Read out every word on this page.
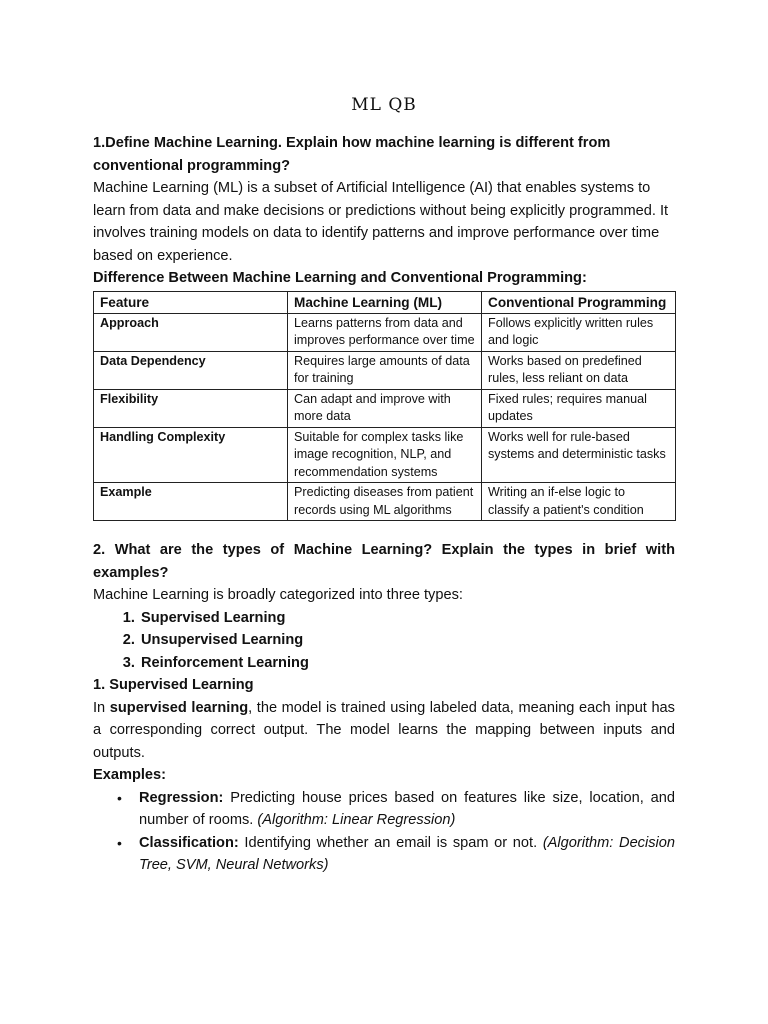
ML QB

1.Define Machine Learning. Explain how machine learning is different from conventional programming?

Machine Learning (ML) is a subset of Artificial Intelligence (AI) that enables systems to learn from data and make decisions or predictions without being explicitly programmed. It involves training models on data to identify patterns and improve performance over time based on experience.

Difference Between Machine Learning and Conventional Programming:

Feature	Machine Learning (ML)	Conventional Programming
Approach	Learns patterns from data and improves performance over time	Follows explicitly written rules and logic
Data Dependency	Requires large amounts of data for training	Works based on predefined rules, less reliant on data
Flexibility	Can adapt and improve with more data	Fixed rules; requires manual updates
Handling Complexity	Suitable for complex tasks like image recognition, NLP, and recommendation systems	Works well for rule-based systems and deterministic tasks
Example	Predicting diseases from patient records using ML algorithms	Writing an if-else logic to classify a patient's condition

2. What are the types of Machine Learning? Explain the types in brief with examples?

Machine Learning is broadly categorized into three types:

1. Supervised Learning
2. Unsupervised Learning
3. Reinforcement Learning

1. Supervised Learning

In supervised learning, the model is trained using labeled data, meaning each input has a corresponding correct output. The model learns the mapping between inputs and outputs.

Examples:

• Regression: Predicting house prices based on features like size, location, and number of rooms. (Algorithm: Linear Regression)
• Classification: Identifying whether an email is spam or not. (Algorithm: Decision Tree, SVM, Neural Networks)
